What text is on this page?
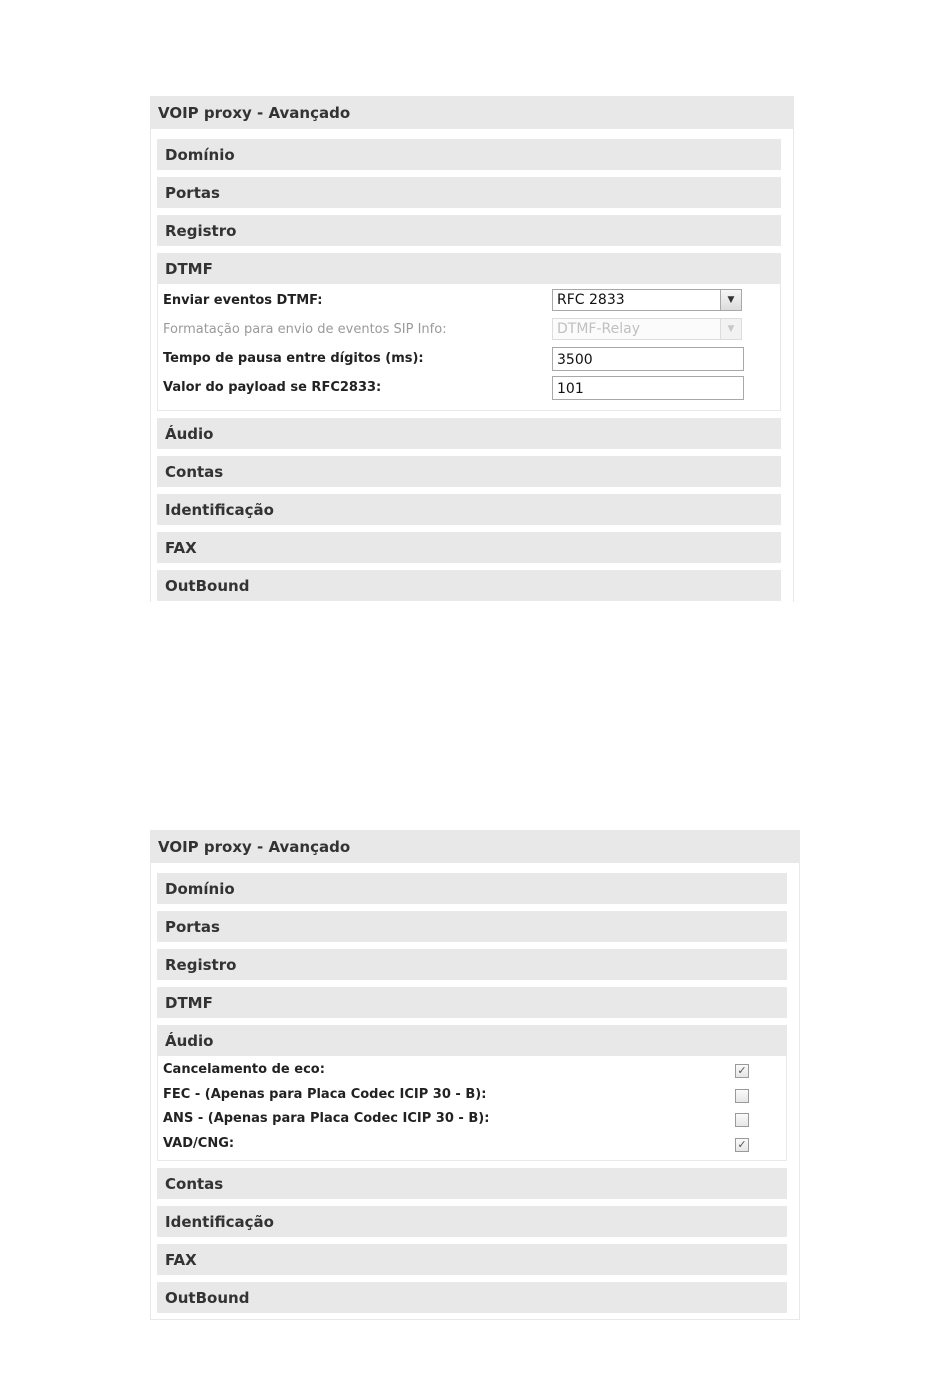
VOIP proxy - Avançado
Domínio
Portas
Registro
DTMF
Enviar eventos DTMF:	RFC 2833	▼
Formatação para envio de eventos SIP Info:	DTMF-Relay	▼
Tempo de pausa entre dígitos (ms):
3500
Valor do payload se RFC2833:
101
Áudio
Contas
Identificação
FAX
OutBound
VOIP proxy - Avançado
Domínio
Portas
Registro
DTMF
Áudio
Cancelamento de eco:	✓
FEC - (Apenas para Placa Codec ICIP 30 - B):
ANS - (Apenas para Placa Codec ICIP 30 - B):
VAD/CNG:	✓
Contas
Identificação
FAX
OutBound
